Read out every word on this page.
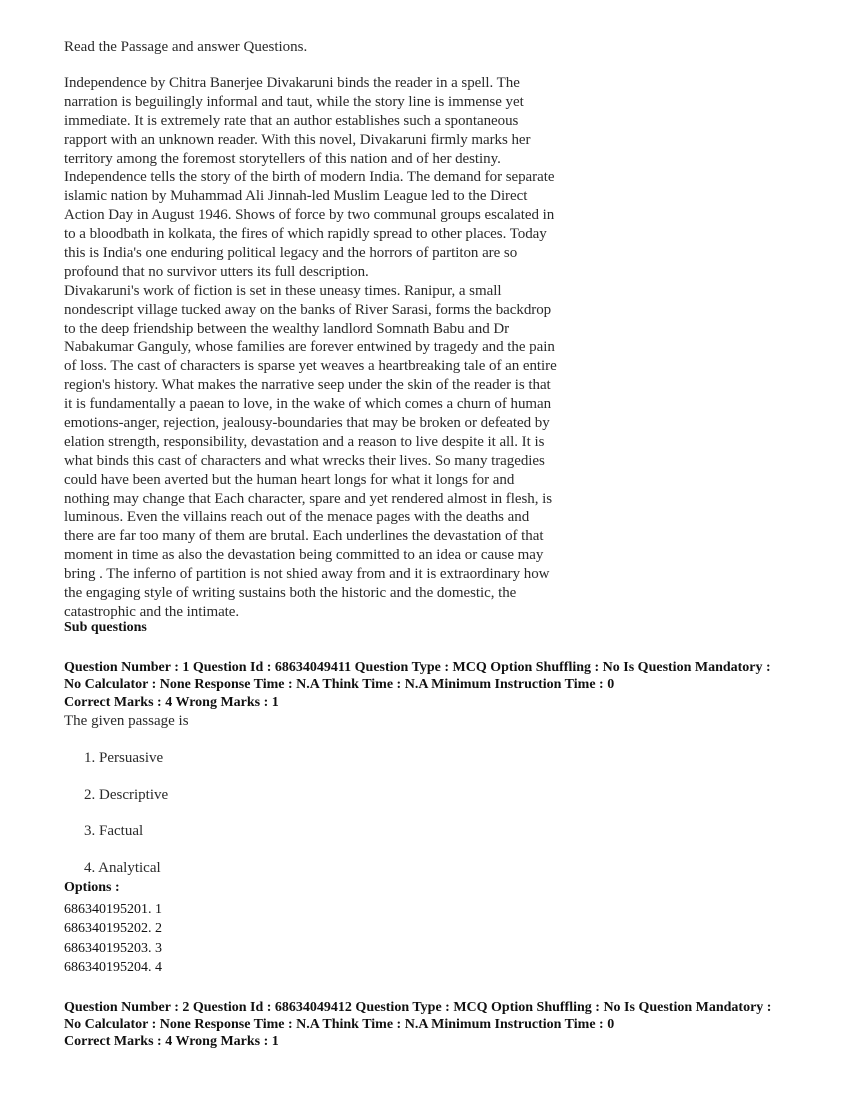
Read the Passage and answer Questions.
Independence by Chitra Banerjee Divakaruni binds the reader in a spell. The
narration is beguilingly informal and taut, while the story line is immense yet
immediate. It is extremely rate that an author establishes such a spontaneous
rapport with an unknown reader. With this novel, Divakaruni firmly marks her
territory among the foremost storytellers of this nation and of her destiny.
Independence tells the story of the birth of modern India. The demand for separate
islamic nation by Muhammad Ali Jinnah-led Muslim League led to the Direct
Action Day in August 1946. Shows of force by two communal groups escalated in
to a bloodbath in kolkata, the fires of which rapidly spread to other places. Today
this is India's one enduring political legacy and the horrors of partiton are so
profound that no survivor utters its full description.
Divakaruni's work of fiction is set in these uneasy times. Ranipur, a small
nondescript village tucked away on the banks of River Sarasi, forms the backdrop
to the deep friendship between the wealthy landlord Somnath Babu and Dr
Nabakumar Ganguly, whose families are forever entwined by tragedy and the pain
of loss. The cast of characters is sparse yet weaves a heartbreaking tale of an entire
region's history. What makes the narrative seep under the skin of the reader is that
it is fundamentally a paean to love, in the wake of which comes a churn of human
emotions-anger, rejection, jealousy-boundaries that may be broken or defeated by
elation strength, responsibility, devastation and a reason to live despite it all. It is
what binds this cast of characters and what wrecks their lives. So many tragedies
could have been averted but the human heart longs for what it longs for and
nothing may change that Each character, spare and yet rendered almost in flesh, is
luminous. Even the villains reach out of the menace pages with the deaths and
there are far too many of them are brutal. Each underlines the devastation of that
moment in time as also the devastation being committed to an idea or cause may
bring . The inferno of partition is not shied away from and it is extraordinary how
the engaging style of writing sustains both the historic and the domestic, the
catastrophic and the intimate.
Sub questions
Question Number : 1 Question Id : 68634049411 Question Type : MCQ Option Shuffling : No Is Question Mandatory :
No Calculator : None Response Time : N.A Think Time : N.A Minimum Instruction Time : 0
Correct Marks : 4 Wrong Marks : 1
The given passage is
1. Persuasive
2. Descriptive
3. Factual
4. Analytical
Options :
686340195201. 1
686340195202. 2
686340195203. 3
686340195204. 4
Question Number : 2 Question Id : 68634049412 Question Type : MCQ Option Shuffling : No Is Question Mandatory :
No Calculator : None Response Time : N.A Think Time : N.A Minimum Instruction Time : 0
Correct Marks : 4 Wrong Marks : 1
